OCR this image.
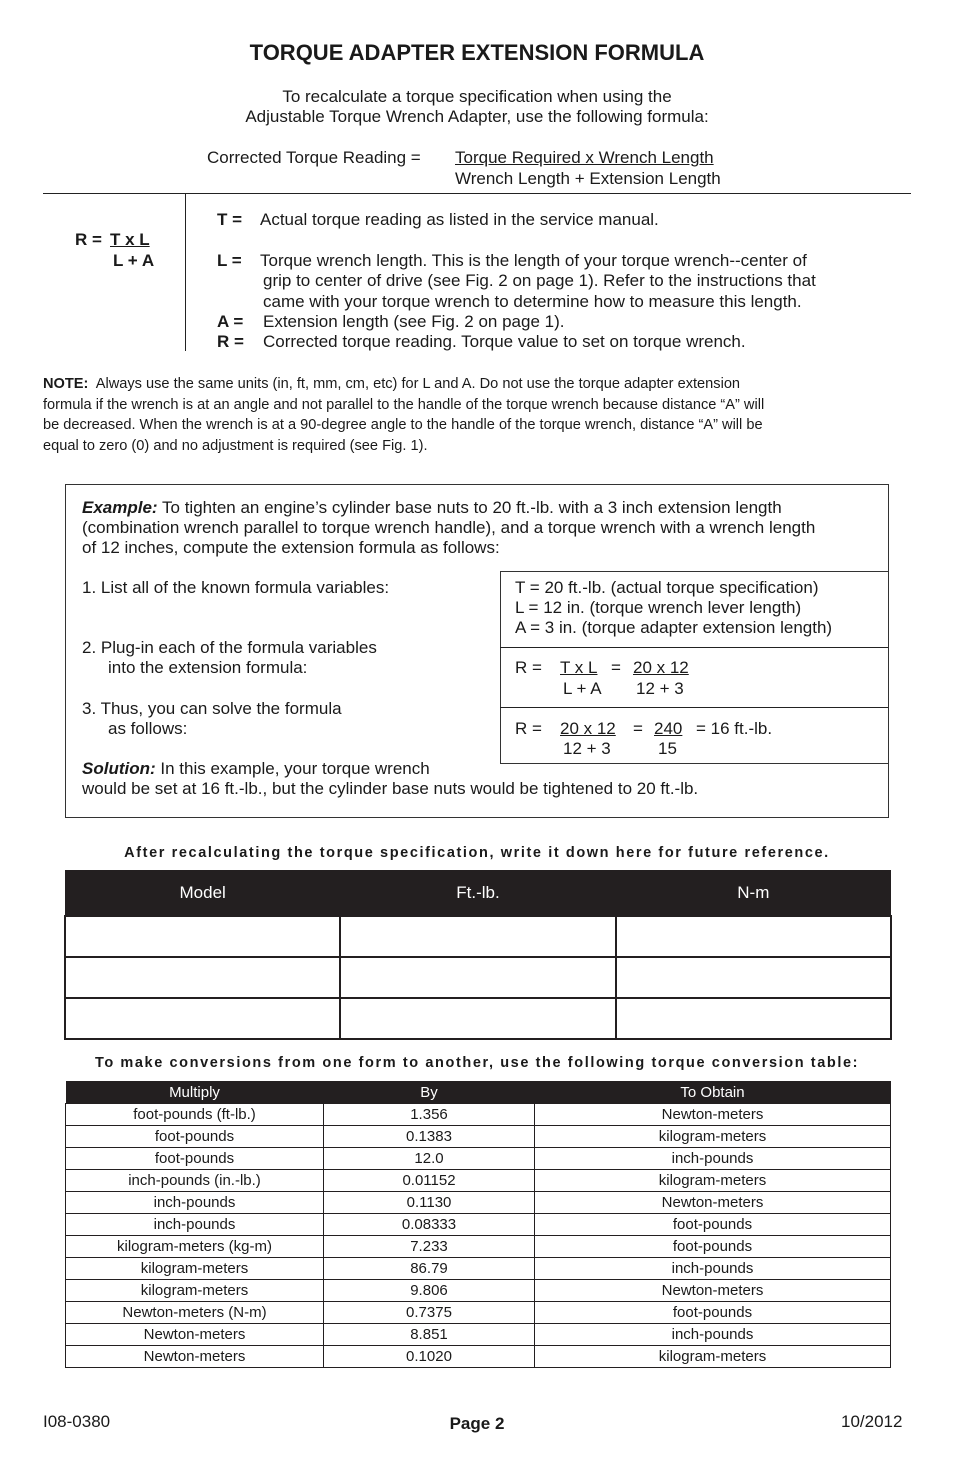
TORQUE ADAPTER EXTENSION FORMULA
To recalculate a torque specification when using the
Adjustable Torque Wrench Adapter, use the following formula:
Corrected Torque Reading = Torque Required x Wrench Length
Wrench Length + Extension Length
R = T x L
L + A
T = Actual torque reading as listed in the service manual.
L = Torque wrench length. This is the length of your torque wrench--center of
grip to center of drive (see Fig. 2 on page 1). Refer to the instructions that
came with your torque wrench to determine how to measure this length.
A = Extension length (see Fig. 2 on page 1).
R = Corrected torque reading. Torque value to set on torque wrench.
NOTE: Always use the same units (in, ft, mm, cm, etc) for L and A. Do not use the torque adapter extension
formula if the wrench is at an angle and not parallel to the handle of the torque wrench because distance “A” will
be decreased. When the wrench is at a 90-degree angle to the handle of the torque wrench, distance “A” will be
equal to zero (0) and no adjustment is required (see Fig. 1).
Example: To tighten an engine’s cylinder base nuts to 20 ft.-lb. with a 3 inch extension length
(combination wrench parallel to torque wrench handle), and a torque wrench with a wrench length
of 12 inches, compute the extension formula as follows:
1. List all of the known formula variables:
2. Plug-in each of the formula variables
into the extension formula:
3. Thus, you can solve the formula
as follows:
T = 20 ft.-lb. (actual torque specification)
L = 12 in. (torque wrench lever length)
A = 3 in. (torque adapter extension length)
R = T x L = 20 x 12
L + A 12 + 3
R = 20 x 12 = 240 = 16 ft.-lb.
12 + 3	15
Solution: In this example, your torque wrench
would be set at 16 ft.-lb., but the cylinder base nuts would be tightened to 20 ft.-lb.
After recalculating the torque specification, write it down here for future reference.
Model	Ft.-lb.	N-m

To make conversions from one form to another, use the following torque conversion table:
Multiply	By	To Obtain
foot-pounds (ft-lb.)	1.356	Newton-meters
foot-pounds	0.1383	kilogram-meters
foot-pounds	12.0	inch-pounds
inch-pounds (in.-lb.)	0.01152	kilogram-meters
inch-pounds	0.1130	Newton-meters
inch-pounds	0.08333	foot-pounds
kilogram-meters (kg-m)	7.233	foot-pounds
kilogram-meters	86.79	inch-pounds
kilogram-meters	9.806	Newton-meters
Newton-meters (N-m)	0.7375	foot-pounds
Newton-meters	8.851	inch-pounds
Newton-meters	0.1020	kilogram-meters
I08-0380	Page 2	10/2012
